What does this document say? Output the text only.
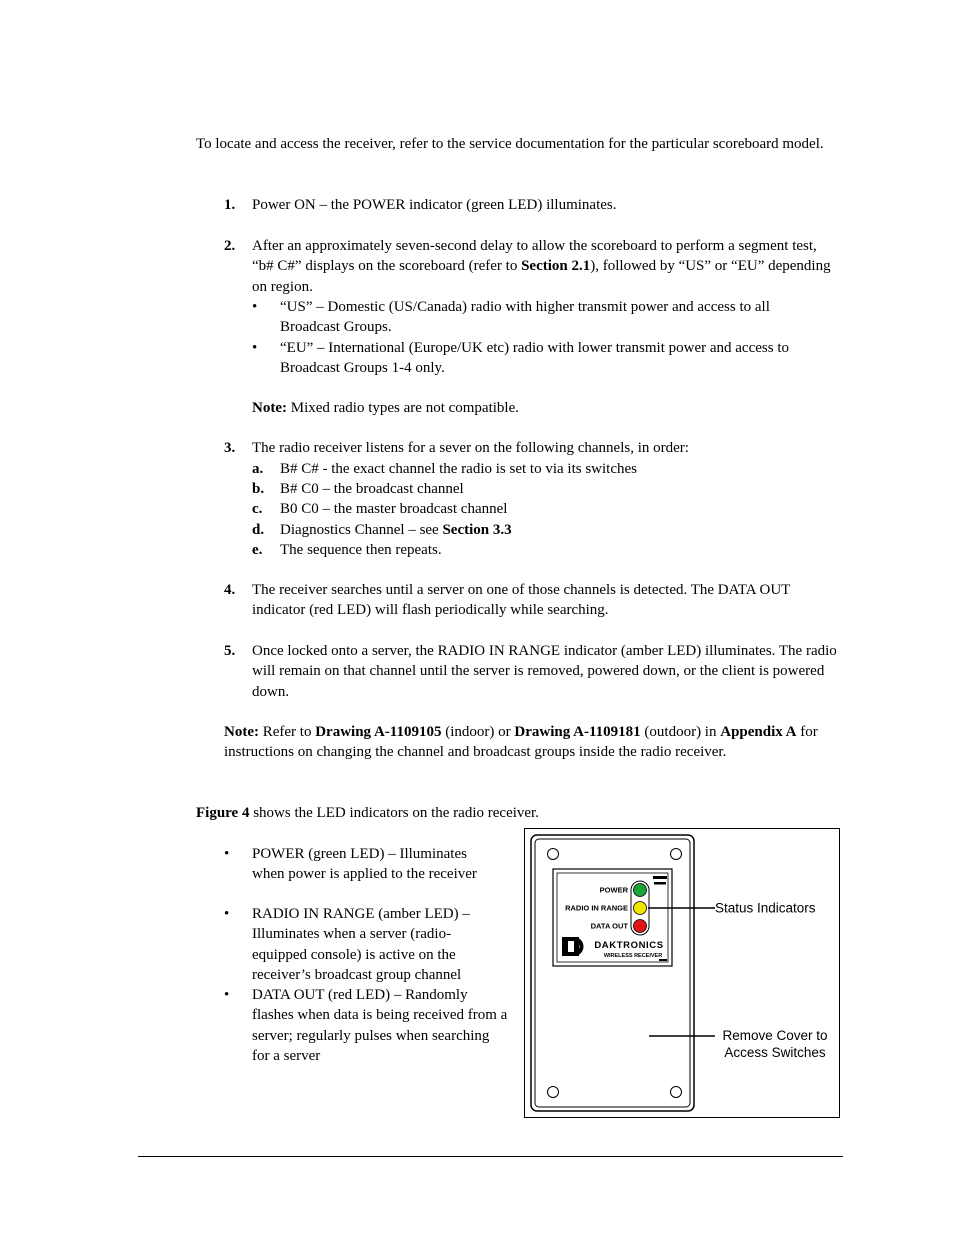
To locate and access the receiver, refer to the service documentation for the particular scoreboard model.
1. Power ON – the POWER indicator (green LED) illuminates.
2. After an approximately seven-second delay to allow the scoreboard to perform a segment test, “b# C#” displays on the scoreboard (refer to Section 2.1), followed by “US” or “EU” depending on region.
• “US” – Domestic (US/Canada) radio with higher transmit power and access to all Broadcast Groups.
• “EU” – International (Europe/UK etc) radio with lower transmit power and access to Broadcast Groups 1-4 only.
Note: Mixed radio types are not compatible.
3. The radio receiver listens for a sever on the following channels, in order:
a. B# C# - the exact channel the radio is set to via its switches
b. B# C0 – the broadcast channel
c. B0 C0 – the master broadcast channel
d. Diagnostics Channel – see Section 3.3
e. The sequence then repeats.
4. The receiver searches until a server on one of those channels is detected. The DATA OUT indicator (red LED) will flash periodically while searching.
5. Once locked onto a server, the RADIO IN RANGE indicator (amber LED) illuminates. The radio will remain on that channel until the server is removed, powered down, or the client is powered down.
Note: Refer to Drawing A-1109105 (indoor) or Drawing A-1109181 (outdoor) in Appendix A for instructions on changing the channel and broadcast groups inside the radio receiver.
Figure 4 shows the LED indicators on the radio receiver.
• POWER (green LED) – Illuminates when power is applied to the receiver
• RADIO IN RANGE (amber LED) – Illuminates when a server (radio-equipped console) is active on the receiver’s broadcast group channel
• DATA OUT (red LED) – Randomly flashes when data is being received from a server; regularly pulses when searching for a server
POWER
RADIO IN RANGE
DATA OUT
DAKTRONICS
WIRELESS RECEIVER
Status Indicators
Remove Cover to
Access Switches
